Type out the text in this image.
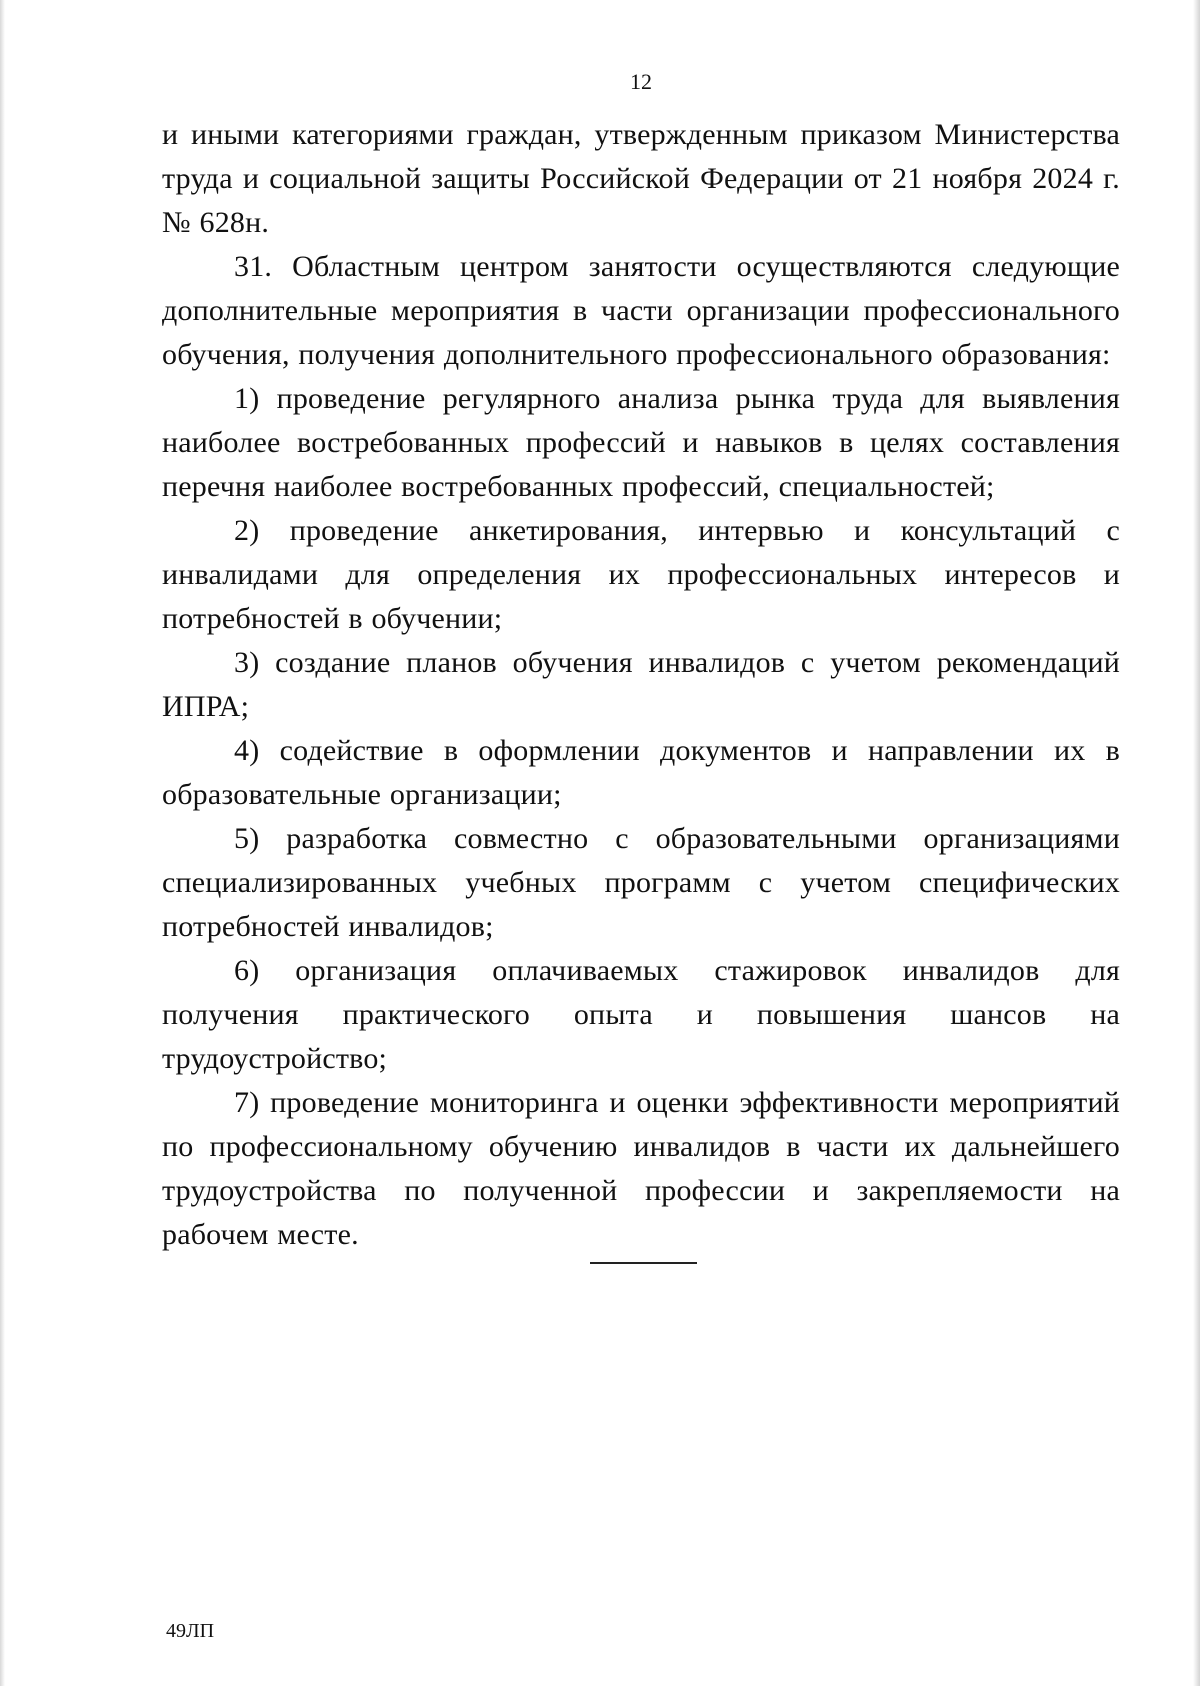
12

и иными категориями граждан, утвержденным приказом Министерства труда и социальной защиты Российской Федерации от 21 ноября 2024 г. № 628н.

31. Областным центром занятости осуществляются следующие дополнительные мероприятия в части организации профессионального обучения, получения дополнительного профессионального образования:

1) проведение регулярного анализа рынка труда для выявления наиболее востребованных профессий и навыков в целях составления перечня наиболее востребованных профессий, специальностей;

2) проведение анкетирования, интервью и консультаций с инвалидами для определения их профессиональных интересов и потребностей в обучении;

3) создание планов обучения инвалидов с учетом рекомендаций ИПРА;

4) содействие в оформлении документов и направлении их в образовательные организации;

5) разработка совместно с образовательными организациями специализированных учебных программ с учетом специфических потребностей инвалидов;

6) организация оплачиваемых стажировок инвалидов для получения практического опыта и повышения шансов на трудоустройство;

7) проведение мониторинга и оценки эффективности мероприятий по профессиональному обучению инвалидов в части их дальнейшего трудоустройства по полученной профессии и закрепляемости на рабочем месте.

49ЛП
